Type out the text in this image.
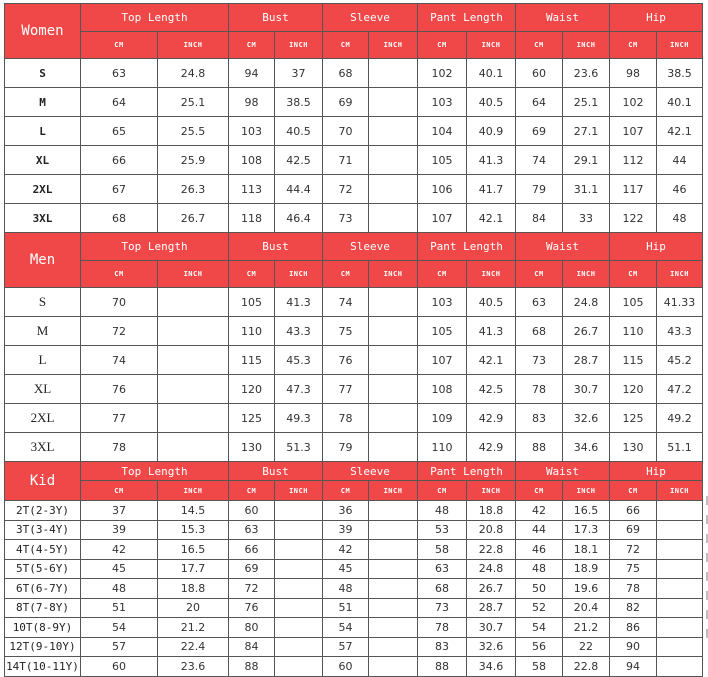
Women	Top Length		Bust		Sleeve		Pant Length		Waist		Hip	
	CM	INCH	CM	INCH	CM	INCH	CM	INCH	CM	INCH	CM	INCH
S	63	24.8	94	37	68		102	40.1	60	23.6	98	38.5
M	64	25.1	98	38.5	69		103	40.5	64	25.1	102	40.1
L	65	25.5	103	40.5	70		104	40.9	69	27.1	107	42.1
XL	66	25.9	108	42.5	71		105	41.3	74	29.1	112	44
2XL	67	26.3	113	44.4	72		106	41.7	79	31.1	117	46
3XL	68	26.7	118	46.4	73		107	42.1	84	33	122	48
Men	Top Length		Bust		Sleeve		Pant Length		Waist		Hip	
	CM	INCH	CM	INCH	CM	INCH	CM	INCH	CM	INCH	CM	INCH
S	70		105	41.3	74		103	40.5	63	24.8	105	41.33
M	72		110	43.3	75		105	41.3	68	26.7	110	43.3
L	74		115	45.3	76		107	42.1	73	28.7	115	45.2
XL	76		120	47.3	77		108	42.5	78	30.7	120	47.2
2XL	77		125	49.3	78		109	42.9	83	32.6	125	49.2
3XL	78		130	51.3	79		110	42.9	88	34.6	130	51.1
Kid	Top Length		Bust		Sleeve		Pant Length		Waist		Hip	
	CM	INCH	CM	INCH	CM	INCH	CM	INCH	CM	INCH	CM	INCH
2T(2-3Y)	37	14.5	60		36		48	18.8	42	16.5	66	
3T(3-4Y)	39	15.3	63		39		53	20.8	44	17.3	69	
4T(4-5Y)	42	16.5	66		42		58	22.8	46	18.1	72	
5T(5-6Y)	45	17.7	69		45		63	24.8	48	18.9	75	
6T(6-7Y)	48	18.8	72		48		68	26.7	50	19.6	78	
8T(7-8Y)	51	20	76		51		73	28.7	52	20.4	82	
10T(8-9Y)	54	21.2	80		54		78	30.7	54	21.2	86	
12T(9-10Y)	57	22.4	84		57		83	32.6	56	22	90	
14T(10-11Y)	60	23.6	88		60		88	34.6	58	22.8	94	
